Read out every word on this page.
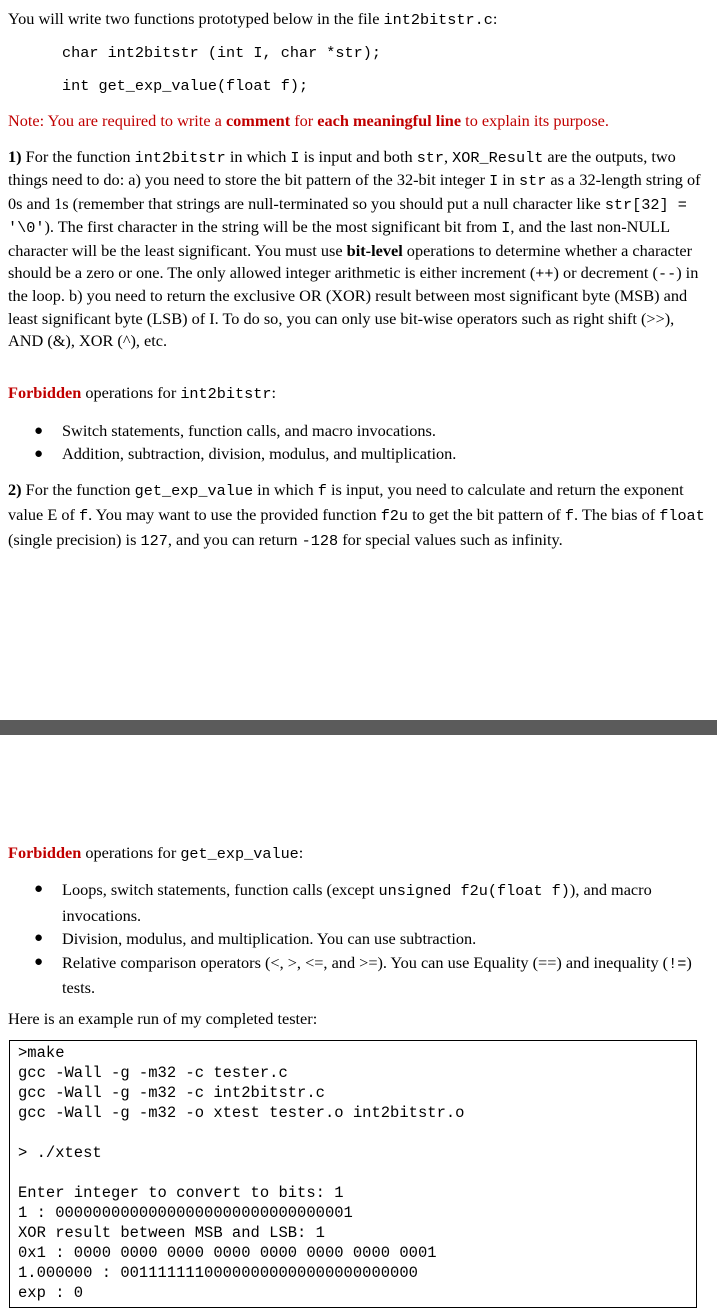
You will write two functions prototyped below in the file int2bitstr.c:

char int2bitstr (int I, char *str);
int get_exp_value(float f);

Note: You are required to write a comment for each meaningful line to explain its purpose.

1) For the function int2bitstr in which I is input and both str, XOR_Result are the outputs, two things need to do: a) you need to store the bit pattern of the 32-bit integer I in str as a 32-length string of 0s and 1s (remember that strings are null-terminated so you should put a null character like str[32] = '\0'). The first character in the string will be the most significant bit from I, and the last non-NULL character will be the least significant. You must use bit-level operations to determine whether a character should be a zero or one. The only allowed integer arithmetic is either increment (++) or decrement (--) in the loop. b) you need to return the exclusive OR (XOR) result between most significant byte (MSB) and least significant byte (LSB) of I. To do so, you can only use bit-wise operators such as right shift (>>), AND (&), XOR (^), etc.

Forbidden operations for int2bitstr:

● Switch statements, function calls, and macro invocations.
● Addition, subtraction, division, modulus, and multiplication.

2) For the function get_exp_value in which f is input, you need to calculate and return the exponent value E of f. You may want to use the provided function f2u to get the bit pattern of f. The bias of float (single precision) is 127, and you can return -128 for special values such as infinity.

Forbidden operations for get_exp_value:

● Loops, switch statements, function calls (except unsigned f2u(float f)), and macro invocations.
● Division, modulus, and multiplication. You can use subtraction.
● Relative comparison operators (<, >, <=, and >=). You can use Equality (==) and inequality (!=) tests.

Here is an example run of my completed tester:

>make
gcc -Wall -g -m32 -c tester.c
gcc -Wall -g -m32 -c int2bitstr.c
gcc -Wall -g -m32 -o xtest tester.o int2bitstr.o

> ./xtest

Enter integer to convert to bits: 1
1 : 00000000000000000000000000000001
XOR result between MSB and LSB: 1
0x1 : 0000 0000 0000 0000 0000 0000 0000 0001
1.000000 : 00111111100000000000000000000000
exp : 0
